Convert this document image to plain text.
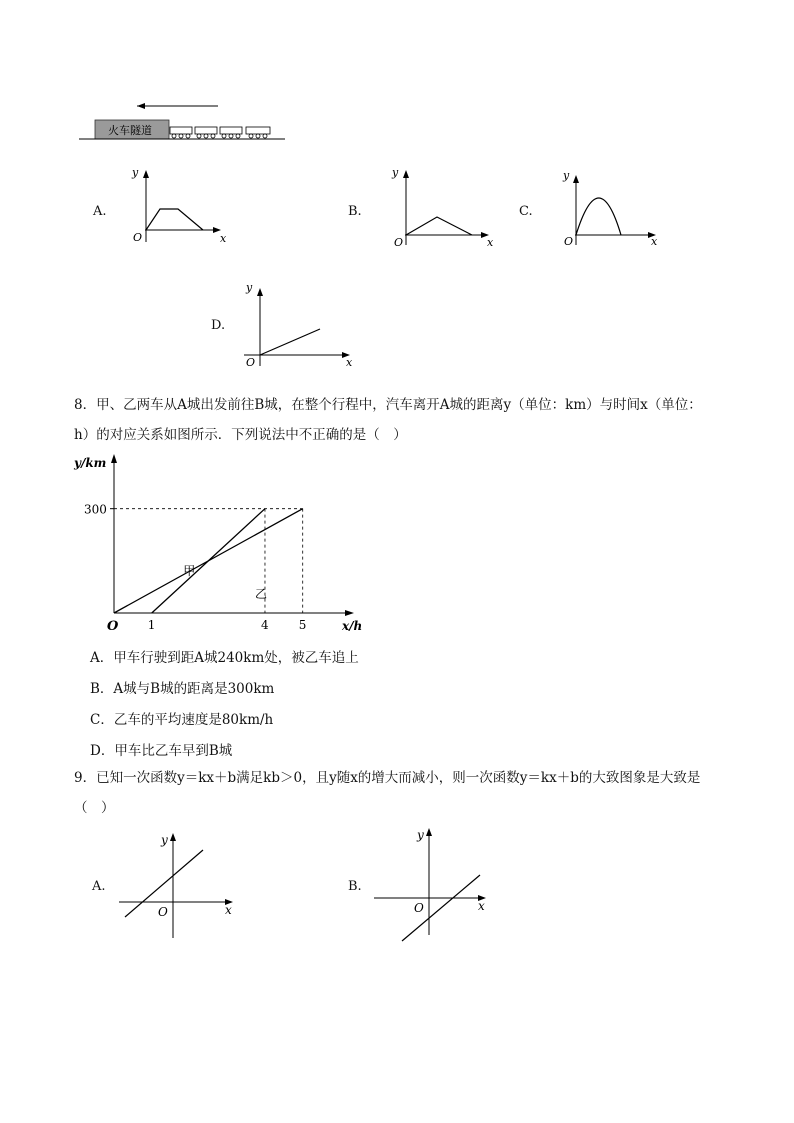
火车隧道
A.
y
x
O
B.
y
x
O
C.
y
x
O
D.
y
x
O
8．甲、乙两车从A城出发前往B城，在整个行程中，汽车离开A城的距离y（单位：km）与时间x（单位：
h）的对应关系如图所示．下列说法中不正确的是（　）
y/km
x/h
O
甲
乙
1	4	5
300
A．甲车行驶到距A城240km处，被乙车追上
B．A城与B城的距离是300km
C．乙车的平均速度是80km/h
D．甲车比乙车早到B城
9．已知一次函数y＝kx＋b满足kb＞0，且y随x的增大而减小，则一次函数y＝kx＋b的大致图象是大致是
（　）
A.
y
x
O
B.
y
x
O
